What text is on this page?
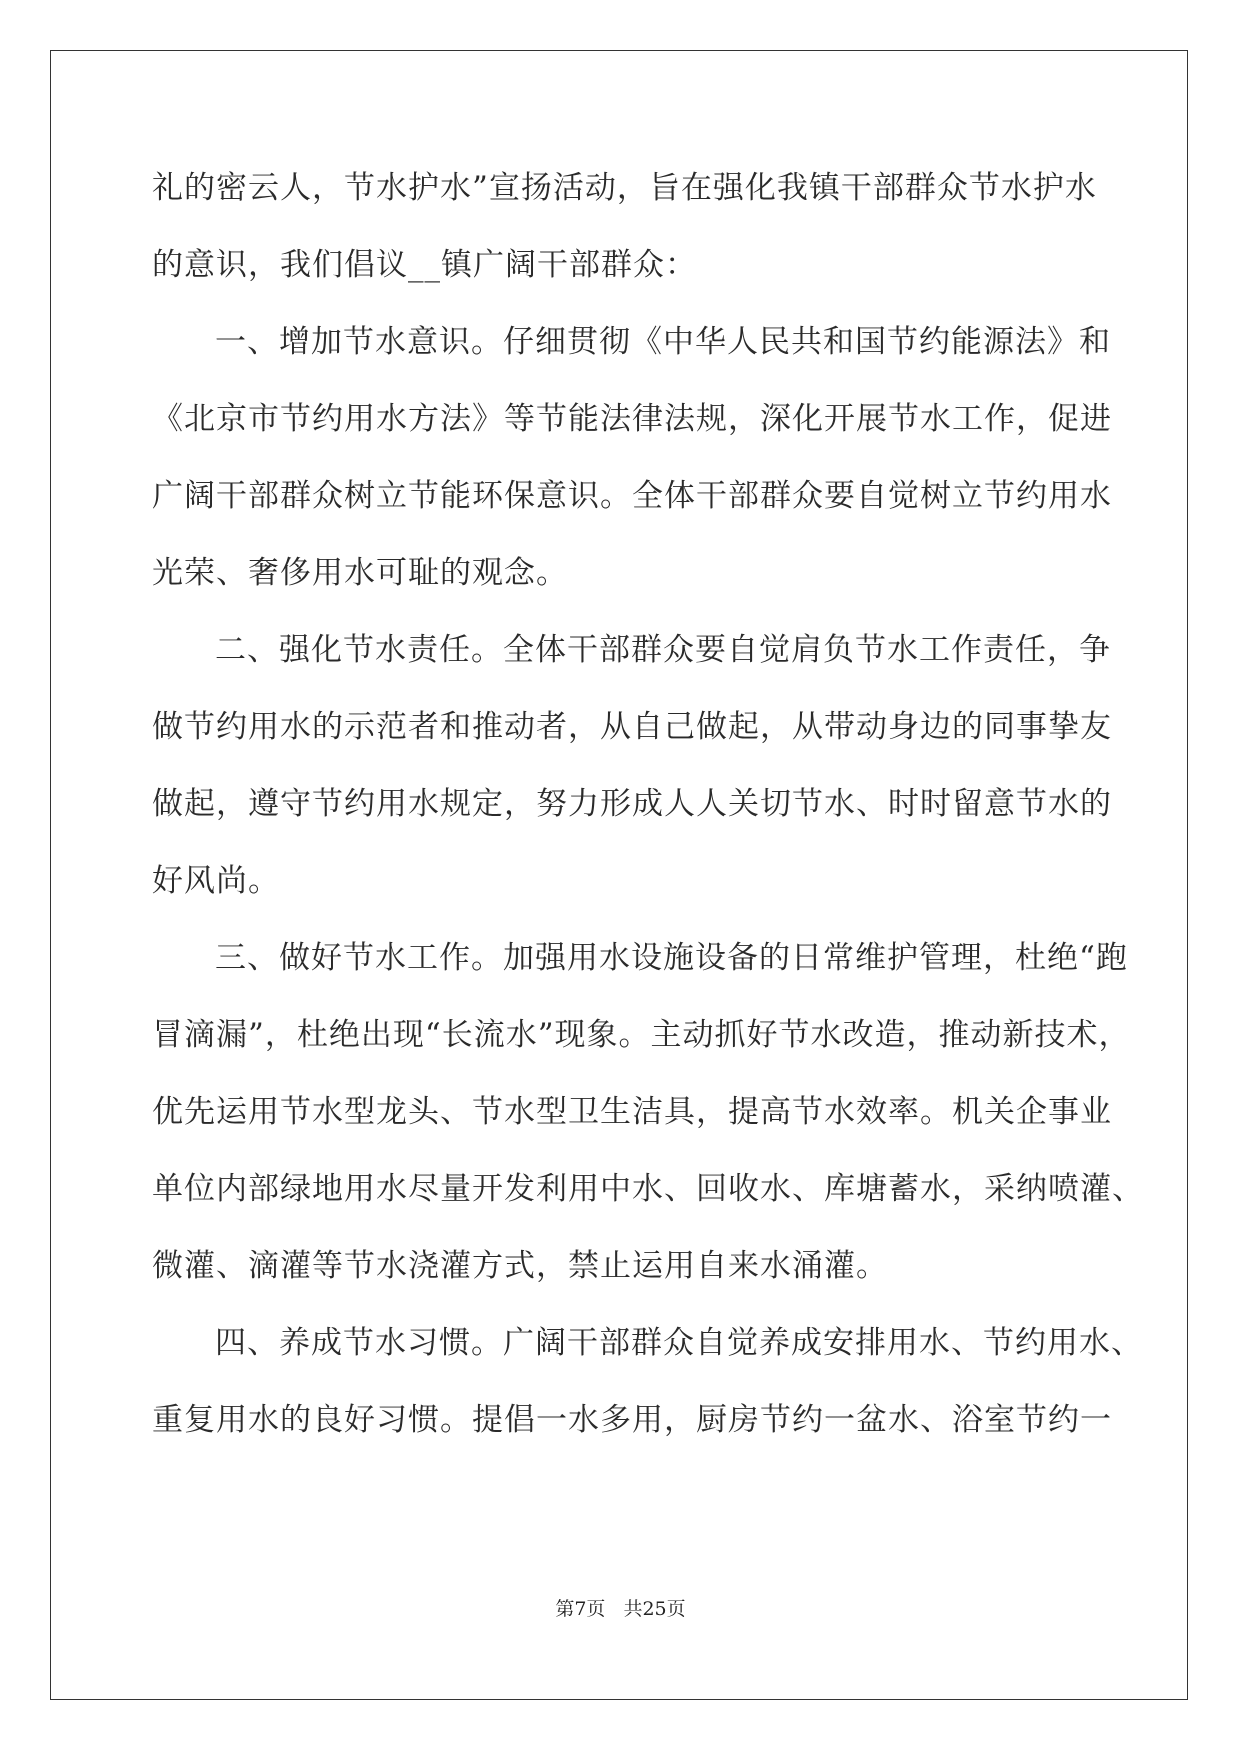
礼的密云人，节水护水”宣扬活动，旨在强化我镇干部群众节水护水
的意识，我们倡议__镇广阔干部群众：
一、增加节水意识。仔细贯彻《中华人民共和国节约能源法》和
《北京市节约用水方法》等节能法律法规，深化开展节水工作，促进
广阔干部群众树立节能环保意识。全体干部群众要自觉树立节约用水
光荣、奢侈用水可耻的观念。
二、强化节水责任。全体干部群众要自觉肩负节水工作责任，争
做节约用水的示范者和推动者，从自己做起，从带动身边的同事挚友
做起，遵守节约用水规定，努力形成人人关切节水、时时留意节水的
好风尚。
三、做好节水工作。加强用水设施设备的日常维护管理，杜绝“跑
冒滴漏”，杜绝出现“长流水”现象。主动抓好节水改造，推动新技术，
优先运用节水型龙头、节水型卫生洁具，提高节水效率。机关企事业
单位内部绿地用水尽量开发利用中水、回收水、库塘蓄水，采纳喷灌、
微灌、滴灌等节水浇灌方式，禁止运用自来水涌灌。
四、养成节水习惯。广阔干部群众自觉养成安排用水、节约用水、
重复用水的良好习惯。提倡一水多用，厨房节约一盆水、浴室节约一
第7页 共25页
